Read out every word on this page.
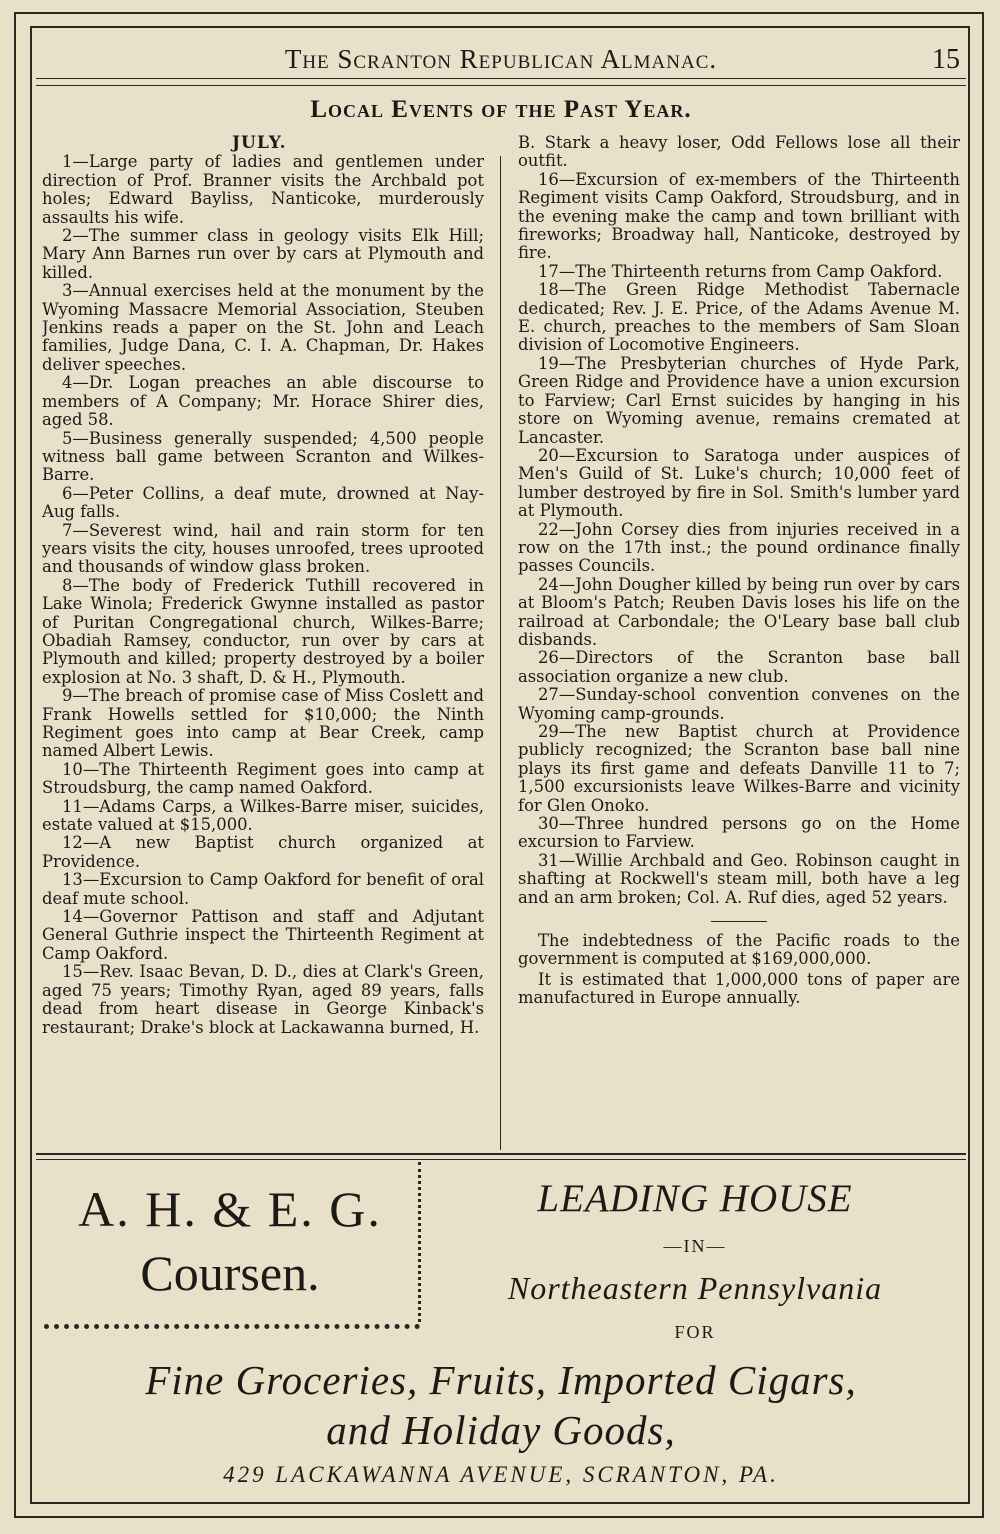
The Scranton Republican Almanac.	15
Local Events of the Past Year.
JULY.

1—Large party of ladies and gentlemen under direction of Prof. Branner visits the Archbald pot holes; Edward Bayliss, Nanticoke, murderously assaults his wife.

2—The summer class in geology visits Elk Hill; Mary Ann Barnes run over by cars at Plymouth and killed.

3—Annual exercises held at the monument by the Wyoming Massacre Memorial Association, Steuben Jenkins reads a paper on the St. John and Leach families, Judge Dana, C. I. A. Chapman, Dr. Hakes deliver speeches.

4—Dr. Logan preaches an able discourse to members of A Company; Mr. Horace Shirer dies, aged 58.

5—Business generally suspended; 4,500 people witness ball game between Scranton and Wilkes-Barre.

6—Peter Collins, a deaf mute, drowned at Nay-Aug falls.

7—Severest wind, hail and rain storm for ten years visits the city, houses unroofed, trees uprooted and thousands of window glass broken.

8—The body of Frederick Tuthill recovered in Lake Winola; Frederick Gwynne installed as pastor of Puritan Congregational church, Wilkes-Barre; Obadiah Ramsey, conductor, run over by cars at Plymouth and killed; property destroyed by a boiler explosion at No. 3 shaft, D. & H., Plymouth.

9—The breach of promise case of Miss Coslett and Frank Howells settled for $10,000; the Ninth Regiment goes into camp at Bear Creek, camp named Albert Lewis.

10—The Thirteenth Regiment goes into camp at Stroudsburg, the camp named Oakford.

11—Adams Carps, a Wilkes-Barre miser, suicides, estate valued at $15,000.

12—A new Baptist church organized at Providence.

13—Excursion to Camp Oakford for benefit of oral deaf mute school.

14—Governor Pattison and staff and Adjutant General Guthrie inspect the Thirteenth Regiment at Camp Oakford.

15—Rev. Isaac Bevan, D. D., dies at Clark's Green, aged 75 years; Timothy Ryan, aged 89 years, falls dead from heart disease in George Kinback's restaurant; Drake's block at Lackawanna burned, H.

B. Stark a heavy loser, Odd Fellows lose all their outfit.

16—Excursion of ex-members of the Thirteenth Regiment visits Camp Oakford, Stroudsburg, and in the evening make the camp and town brilliant with fireworks; Broadway hall, Nanticoke, destroyed by fire.

17—The Thirteenth returns from Camp Oakford.

18—The Green Ridge Methodist Tabernacle dedicated; Rev. J. E. Price, of the Adams Avenue M. E. church, preaches to the members of Sam Sloan division of Locomotive Engineers.

19—The Presbyterian churches of Hyde Park, Green Ridge and Providence have a union excursion to Farview; Carl Ernst suicides by hanging in his store on Wyoming avenue, remains cremated at Lancaster.

20—Excursion to Saratoga under auspices of Men's Guild of St. Luke's church; 10,000 feet of lumber destroyed by fire in Sol. Smith's lumber yard at Plymouth.

22—John Corsey dies from injuries received in a row on the 17th inst.; the pound ordinance finally passes Councils.

24—John Dougher killed by being run over by cars at Bloom's Patch; Reuben Davis loses his life on the railroad at Carbondale; the O'Leary base ball club disbands.

26—Directors of the Scranton base ball association organize a new club.

27—Sunday-school convention convenes on the Wyoming camp-grounds.

29—The new Baptist church at Providence publicly recognized; the Scranton base ball nine plays its first game and defeats Danville 11 to 7; 1,500 excursionists leave Wilkes-Barre and vicinity for Glen Onoko.

30—Three hundred persons go on the Home excursion to Farview.

31—Willie Archbald and Geo. Robinson caught in shafting at Rockwell's steam mill, both have a leg and an arm broken; Col. A. Ruf dies, aged 52 years.

The indebtedness of the Pacific roads to the government is computed at $169,000,000.

It is estimated that 1,000,000 tons of paper are manufactured in Europe annually.

A. H. & E. G.
Coursen.
LEADING HOUSE
—IN—
Northeastern Pennsylvania
FOR
Fine Groceries, Fruits, Imported Cigars,
and Holiday Goods,
429 LACKAWANNA AVENUE, SCRANTON, PA.
